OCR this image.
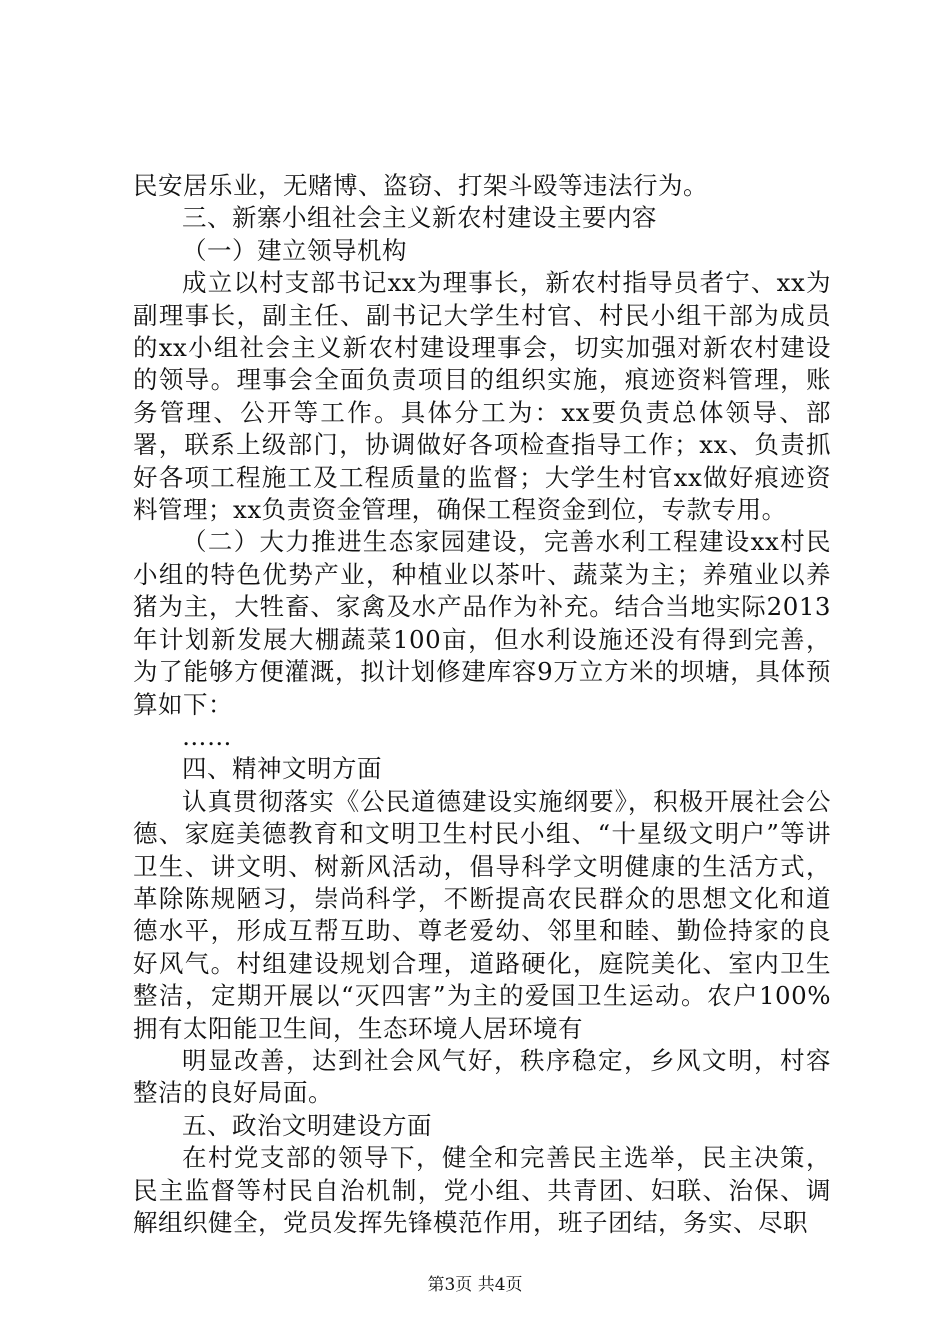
民安居乐业，无赌博、盗窃、打架斗殴等违法行为。

三、新寨小组社会主义新农村建设主要内容

（一）建立领导机构

成立以村支部书记xx为理事长，新农村指导员者宁、xx为副理事长，副主任、副书记大学生村官、村民小组干部为成员的xx小组社会主义新农村建设理事会，切实加强对新农村建设的领导。理事会全面负责项目的组织实施，痕迹资料管理，账务管理、公开等工作。具体分工为：xx要负责总体领导、部署，联系上级部门，协调做好各项检查指导工作；xx、负责抓好各项工程施工及工程质量的监督；大学生村官xx做好痕迹资料管理；xx负责资金管理，确保工程资金到位，专款专用。

（二）大力推进生态家园建设，完善水利工程建设xx村民小组的特色优势产业，种植业以茶叶、蔬菜为主；养殖业以养猪为主，大牲畜、家禽及水产品作为补充。结合当地实际2013年计划新发展大棚蔬菜100亩，但水利设施还没有得到完善，为了能够方便灌溉，拟计划修建库容9万立方米的坝塘，具体预算如下：

……

四、精神文明方面

认真贯彻落实《公民道德建设实施纲要》，积极开展社会公德、家庭美德教育和文明卫生村民小组、“十星级文明户”等讲卫生、讲文明、树新风活动，倡导科学文明健康的生活方式，革除陈规陋习，崇尚科学，不断提高农民群众的思想文化和道德水平，形成互帮互助、尊老爱幼、邻里和睦、勤俭持家的良好风气。村组建设规划合理，道路硬化，庭院美化、室内卫生整洁，定期开展以“灭四害”为主的爱国卫生运动。农户100%拥有太阳能卫生间，生态环境人居环境有

明显改善，达到社会风气好，秩序稳定，乡风文明，村容整洁的良好局面。

五、政治文明建设方面

在村党支部的领导下，健全和完善民主选举，民主决策，民主监督等村民自治机制，党小组、共青团、妇联、治保、调解组织健全，党员发挥先锋模范作用，班子团结，务实、尽职

第3页 共4页
